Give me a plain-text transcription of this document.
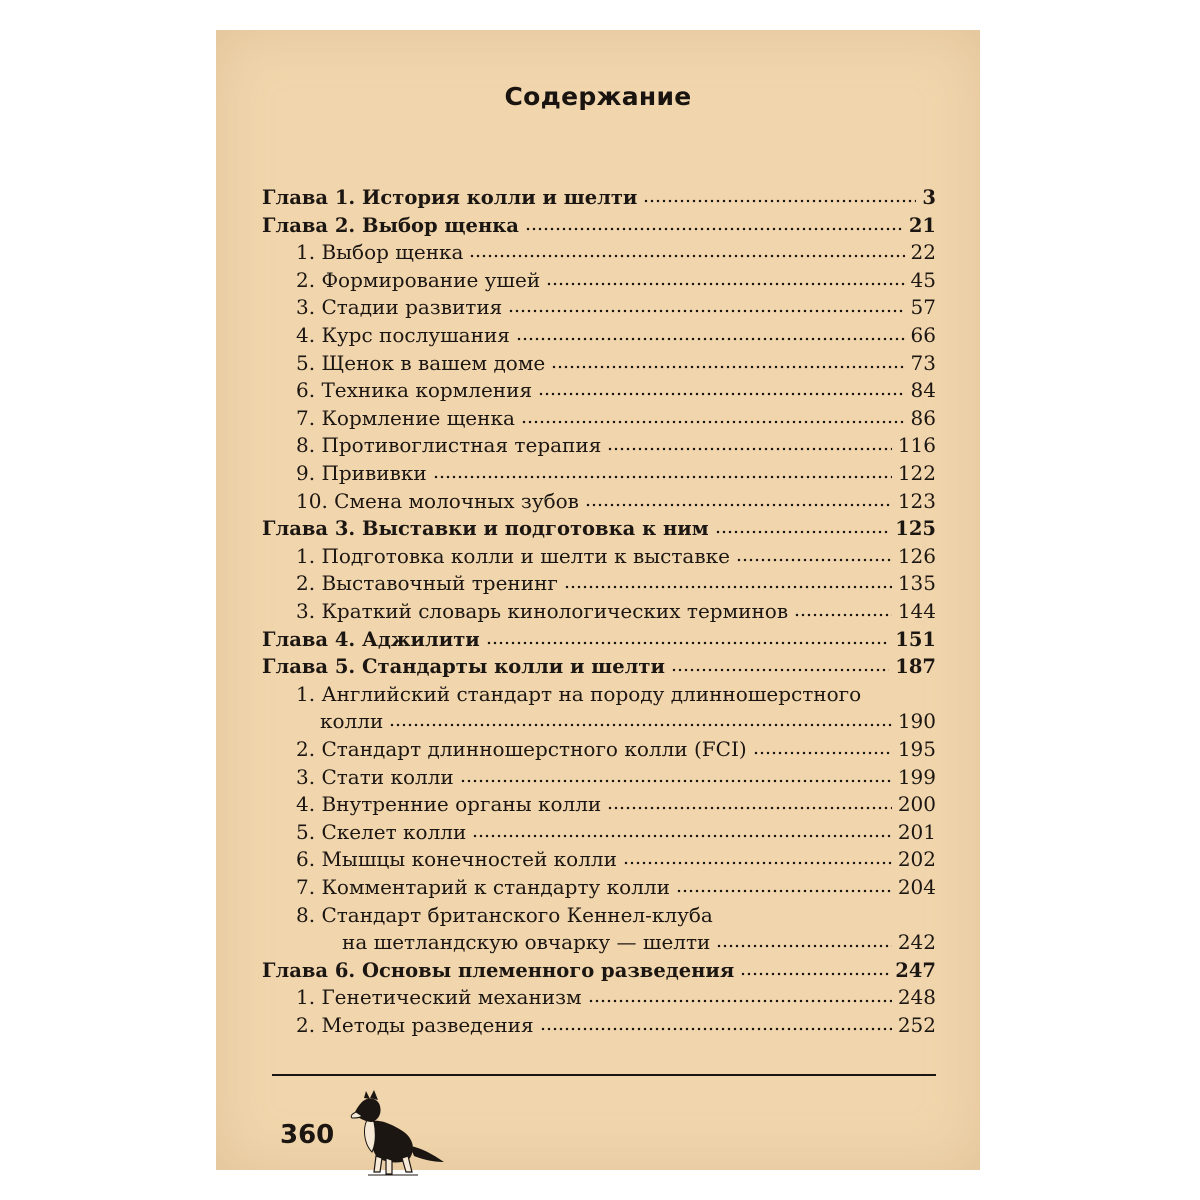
Содержание
Глава 1. История колли и шелти	3
Глава 2. Выбор щенка	21
1. Выбор щенка	22
2. Формирование ушей	45
3. Стадии развития	57
4. Курс послушания	66
5. Щенок в вашем доме	73
6. Техника кормления	84
7. Кормление щенка	86
8. Противоглистная терапия	116
9. Прививки	122
10. Смена молочных зубов	123
Глава 3. Выставки и подготовка к ним	125
1. Подготовка колли и шелти к выставке	126
2. Выставочный тренинг	135
3. Краткий словарь кинологических терминов	144
Глава 4. Аджилити	151
Глава 5. Стандарты колли и шелти	187
1. Английский стандарт на породу длинношерстного
колли	190
2. Стандарт длинношерстного колли (FCI)	195
3. Стати колли	199
4. Внутренние органы колли	200
5. Скелет колли	201
6. Мышцы конечностей колли	202
7. Комментарий к стандарту колли	204
8. Стандарт британского Кеннел-клуба
на шетландскую овчарку — шелти	242
Глава 6. Основы племенного разведения	247
1. Генетический механизм	248
2. Методы разведения	252
360
